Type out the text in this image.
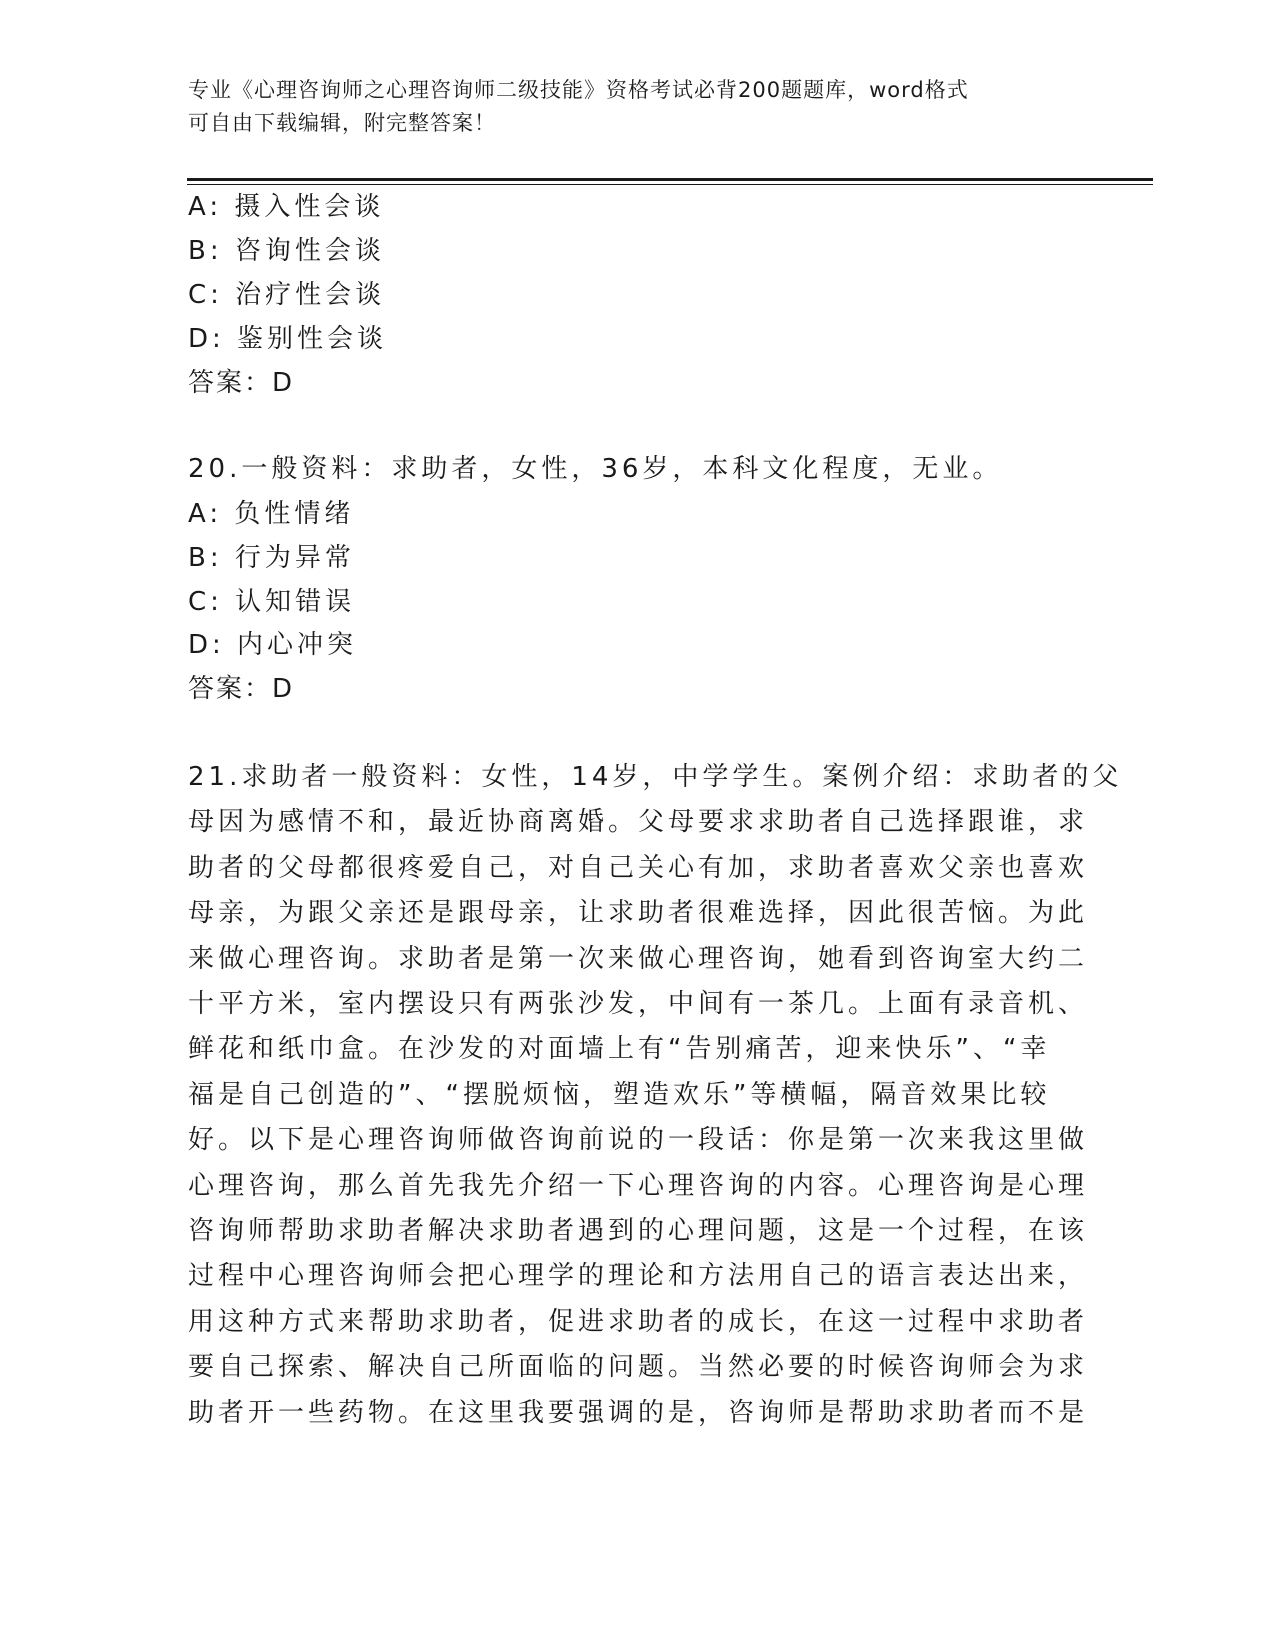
专业《心理咨询师之心理咨询师二级技能》资格考试必背200题题库，word格式
可自由下载编辑，附完整答案！
A: 摄入性会谈
B: 咨询性会谈
C: 治疗性会谈
D: 鉴别性会谈
答案：D
20.一般资料：求助者，女性，36岁，本科文化程度，无业。
A: 负性情绪
B: 行为异常
C: 认知错误
D: 内心冲突
答案：D
21.求助者一般资料：女性，14岁，中学学生。案例介绍：求助者的父
母因为感情不和，最近协商离婚。父母要求求助者自己选择跟谁，求
助者的父母都很疼爱自己，对自己关心有加，求助者喜欢父亲也喜欢
母亲，为跟父亲还是跟母亲，让求助者很难选择，因此很苦恼。为此
来做心理咨询。求助者是第一次来做心理咨询，她看到咨询室大约二
十平方米，室内摆设只有两张沙发，中间有一茶几。上面有录音机、
鲜花和纸巾盒。在沙发的对面墙上有“告别痛苦，迎来快乐”、“幸
福是自己创造的”、“摆脱烦恼，塑造欢乐”等横幅，隔音效果比较
好。以下是心理咨询师做咨询前说的一段话：你是第一次来我这里做
心理咨询，那么首先我先介绍一下心理咨询的内容。心理咨询是心理
咨询师帮助求助者解决求助者遇到的心理问题，这是一个过程，在该
过程中心理咨询师会把心理学的理论和方法用自己的语言表达出来，
用这种方式来帮助求助者，促进求助者的成长，在这一过程中求助者
要自己探索、解决自己所面临的问题。当然必要的时候咨询师会为求
助者开一些药物。在这里我要强调的是，咨询师是帮助求助者而不是
